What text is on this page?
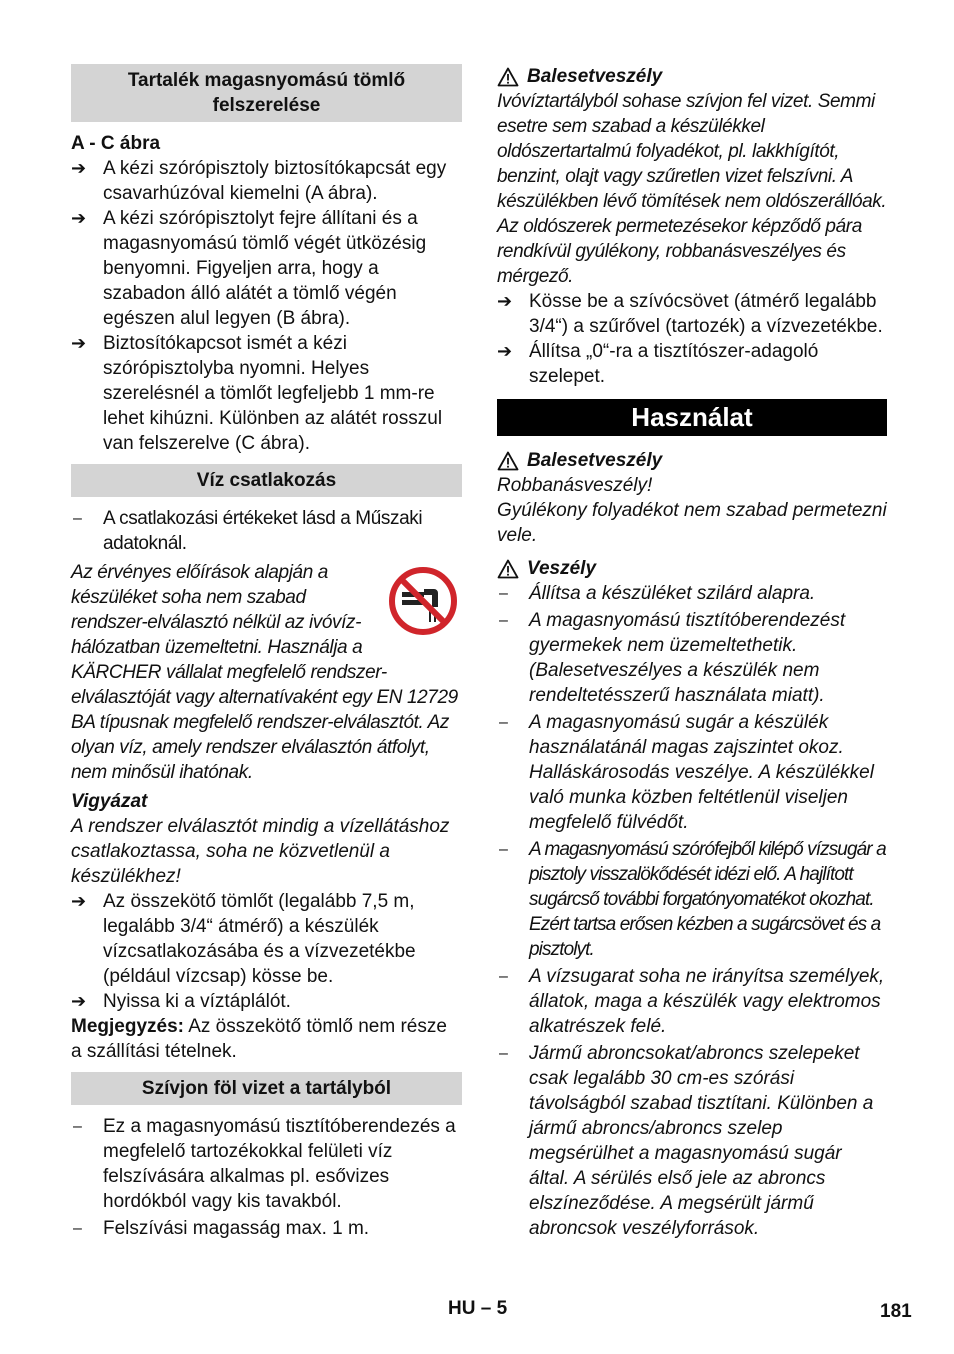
Tartalék magasnyomású tömlő felszerelése

A - C ábra

➔ A kézi szórópisztoly biztosítókapcsát egy csavarhúzóval kiemelni (A ábra).
➔ A kézi szórópisztolyt fejre állítani és a magasnyomású tömlő végét ütközésig benyomni. Figyeljen arra, hogy a szabadon álló alátét a tömlő végén egészen alul legyen (B ábra).
➔ Biztosítókapcsot ismét a kézi szórópisztolyba nyomni. Helyes szerelésnél a tömlőt legfeljebb 1 mm-re lehet kihúzni. Különben az alátét rosszul van felszerelve (C ábra).
Víz csatlakozás
– A csatlakozási értékeket lásd a Műszaki adatoknál.

Az érvényes előírások alapján a készüléket soha nem szabad rendszer-elválasztó nélkül az ivóvíz-hálózatban üzemeltetni. Használja a KÄRCHER vállalat megfelelő rendszer-elválasztóját vagy alternatívaként egy EN 12729 BA típusnak megfelelő rendszer-elválasztót. Az olyan víz, amely rendszer elválasztón átfolyt, nem minősül ihatónak.

Vigyázat

A rendszer elválasztót mindig a vízellátáshoz csatlakoztassa, soha ne közvetlenül a készülékhez!

➔ Az összekötő tömlőt (legalább 7,5 m, legalább 3/4“ átmérő) a készülék vízcsatlakozásába és a vízvezetékbe (például vízcsap) kösse be.
➔ Nyissa ki a víztáplálót.

Megjegyzés: Az összekötő tömlő nem része a szállítási tételnek.

Szívjon föl vizet a tartályból
– Ez a magasnyomású tisztítóberendezés a megfelelő tartozékokkal felületi víz felszívására alkalmas pl. esővizes hordókból vagy kis tavakból.
– Felszívási magasság max. 1 m.
Balesetveszély

Ivóvíztartályból sohase szívjon fel vizet. Semmi esetre sem szabad a készülékkel oldószertartalmú folyadékot, pl. lakkhígítót, benzint, olajt vagy szűretlen vizet felszívni. A készülékben lévő tömítések nem oldószerállóak. Az oldószerek permetezésekor képződő pára rendkívül gyúlékony, robbanásveszélyes és mérgező.

➔ Kösse be a szívócsövet (átmérő legalább 3/4“) a szűrővel (tartozék) a vízvezetékbe.
➔ Állítsa „0“-ra a tisztítószer-adagoló szelepet.
Használat
Balesetveszély

Robbanásveszély!

Gyúlékony folyadékot nem szabad permetezni vele.

Veszély
– Állítsa a készüléket szilárd alapra.
– A magasnyomású tisztítóberendezést gyermekek nem üzemeltethetik. (Balesetveszélyes a készülék nem rendeltetésszerű használata miatt).
– A magasnyomású sugár a készülék használatánál magas zajszintet okoz. Halláskárosodás veszélye. A készülékkel való munka közben feltétlenül viseljen megfelelő fülvédőt.
– A magasnyomású szórófejből kilépő vízsugár a pisztoly visszalökődését idézi elő. A hajlított sugárcső további forgatónyomatékot okozhat. Ezért tartsa erősen kézben a sugárcsövet és a pisztolyt.
– A vízsugarat soha ne irányítsa személyek, állatok, maga a készülék vagy elektromos alkatrészek felé.
– Jármű abroncsokat/abroncs szelepeket csak legalább 30 cm-es szórási távolságból szabad tisztítani. Különben a jármű abroncs/abroncs szelep megsérülhet a magasnyomású sugár által. A sérülés első jele az abroncs elszíneződése. A megsérült jármű abroncsok veszélyforrások.
HU – 5	181
